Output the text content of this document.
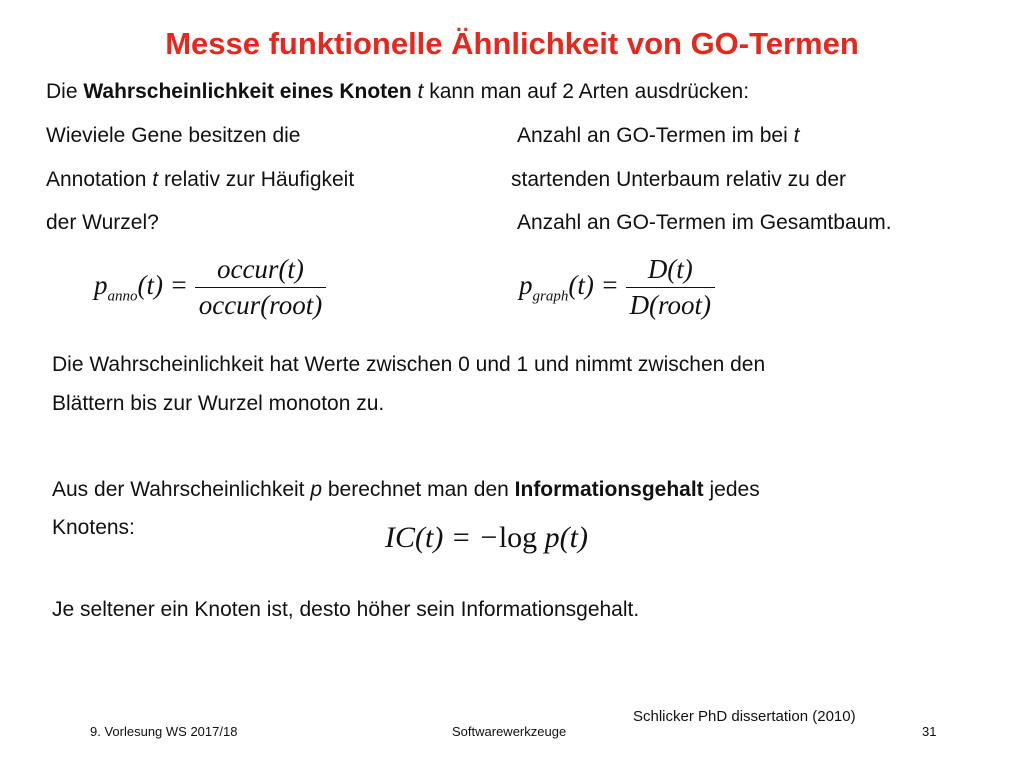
Messe funktionelle Ähnlichkeit von GO-Termen
Die Wahrscheinlichkeit eines Knoten t kann man auf 2 Arten ausdrücken:
Wieviele Gene besitzen die
Annotation t relativ zur Häufigkeit
der Wurzel?
Anzahl an GO-Termen im bei t
startenden Unterbaum relativ zu der
Anzahl an GO-Termen im Gesamtbaum.
$p_{anno}(t) = \frac{\text{occur(t)}}{\text{occur(root)}}$	$p_{graph}(t) = \frac{D(t)}{\text{D(root)}}$
Die Wahrscheinlichkeit hat Werte zwischen 0 und 1 und nimmt zwischen den
Blättern bis zur Wurzel monoton zu.
Aus der Wahrscheinlichkeit p berechnet man den Informationsgehalt jedes
Knotens:	IC(t) = −log p(t)
Je seltener ein Knoten ist, desto höher sein Informationsgehalt.
Schlicker PhD dissertation (2010)
9. Vorlesung WS 2017/18	Softwarewerkzeuge	31
